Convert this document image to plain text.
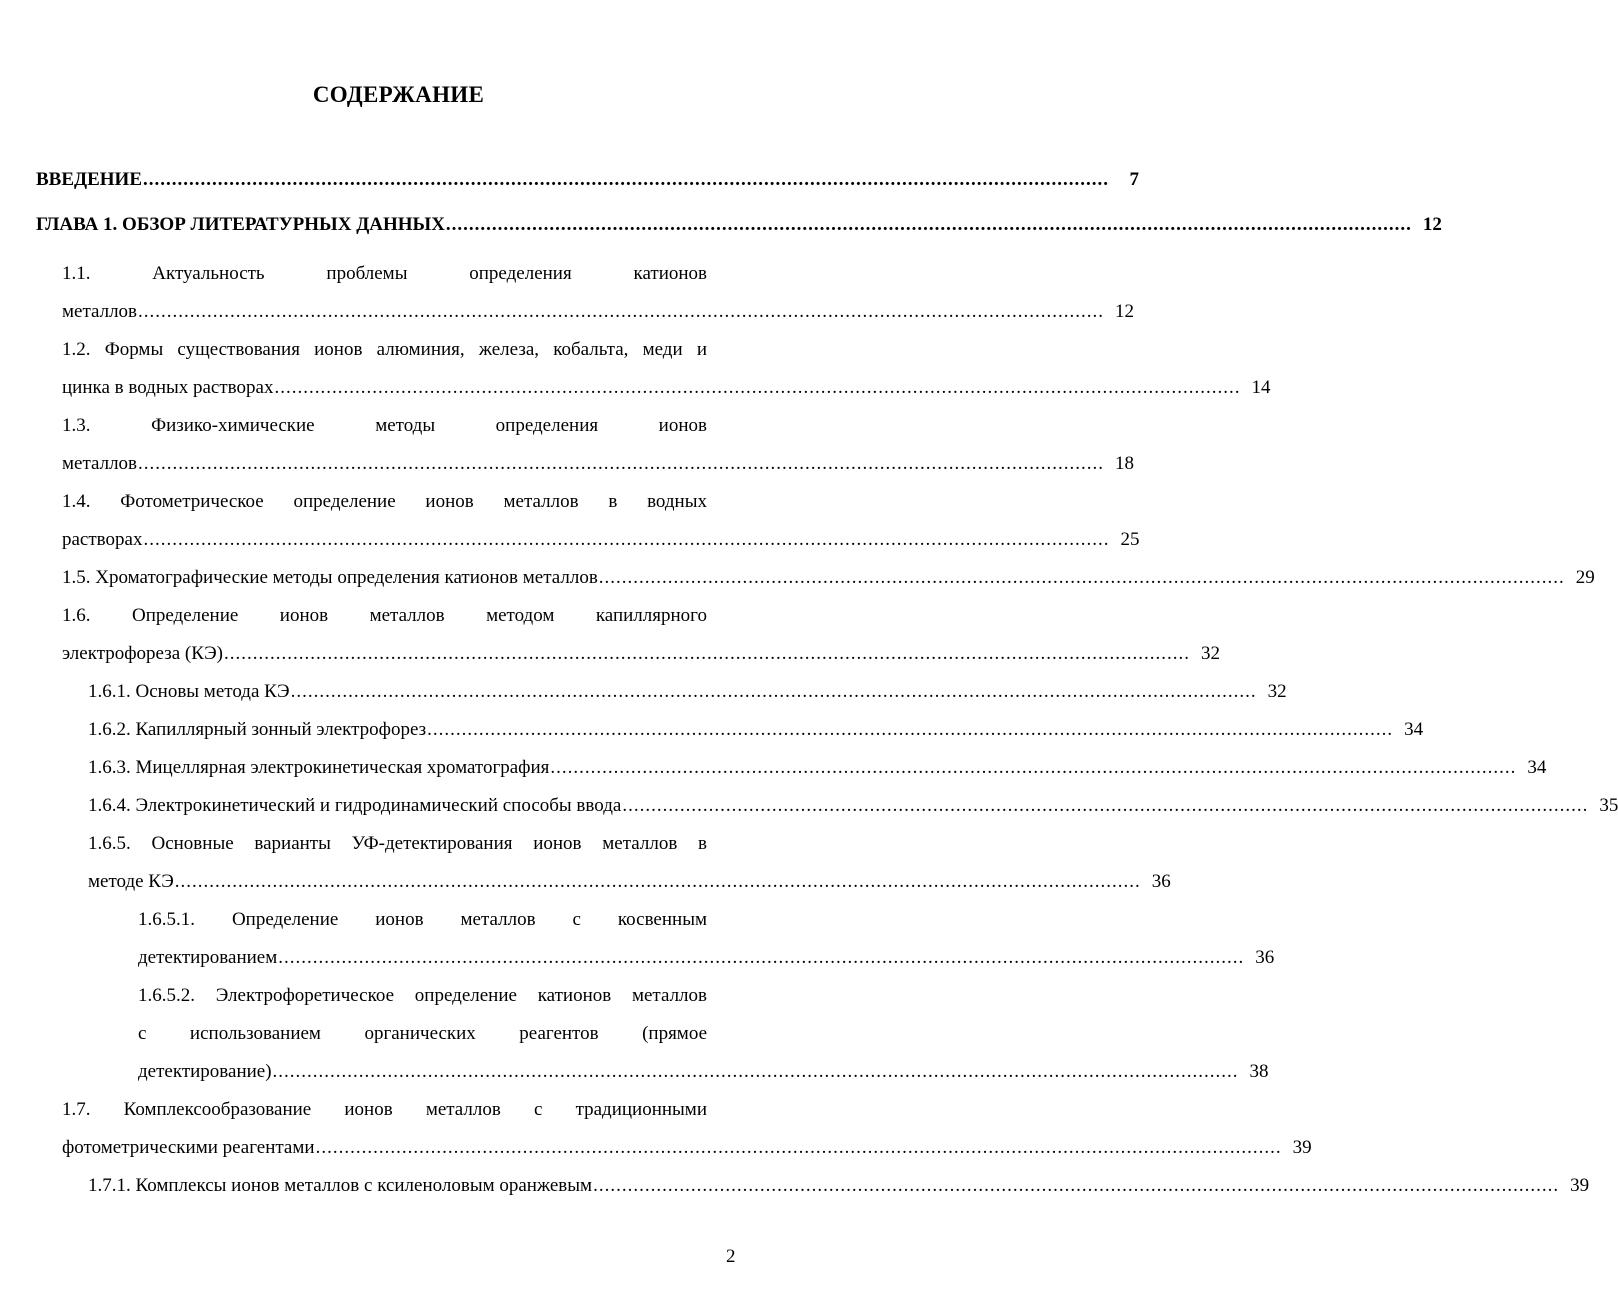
СОДЕРЖАНИЕ
ВВЕДЕНИЕ ........................................................................................................................................................................	7
ГЛАВА 1. ОБЗОР ЛИТЕРАТУРНЫХ ДАННЫХ ........................................................................................................................................................................ 12
1.1. Актуальность проблемы определения катионов
металлов ........................................................................................................................................................................ 12
1.2. Формы существования ионов алюминия, железа, кобальта, меди и
цинка в водных растворах ........................................................................................................................................................................ 14
1.3. Физико-химические методы определения ионов
металлов ........................................................................................................................................................................ 18
1.4. Фотометрическое определение ионов металлов в водных
растворах ........................................................................................................................................................................ 25
1.5. Хроматографические методы определения катионов металлов ........................................................................................................................................................................ 29
1.6. Определение ионов металлов методом капиллярного
электрофореза (КЭ) ........................................................................................................................................................................ 32
1.6.1. Основы метода КЭ ........................................................................................................................................................................ 32
1.6.2. Капиллярный зонный электрофорез ........................................................................................................................................................................ 34
1.6.3. Мицеллярная электрокинетическая хроматография ........................................................................................................................................................................ 34
1.6.4. Электрокинетический и гидродинамический способы ввода ........................................................................................................................................................................ 35
1.6.5. Основные варианты УФ-детектирования ионов металлов в
методе КЭ ........................................................................................................................................................................ 36
1.6.5.1. Определение ионов металлов с косвенным
детектированием ........................................................................................................................................................................ 36
1.6.5.2. Электрофоретическое определение катионов металлов
с использованием органических реагентов (прямое
детектирование) ........................................................................................................................................................................ 38
1.7. Комплексообразование ионов металлов с традиционными
фотометрическими реагентами ........................................................................................................................................................................ 39
1.7.1. Комплексы ионов металлов с ксиленоловым оранжевым ........................................................................................................................................................................ 39
2
